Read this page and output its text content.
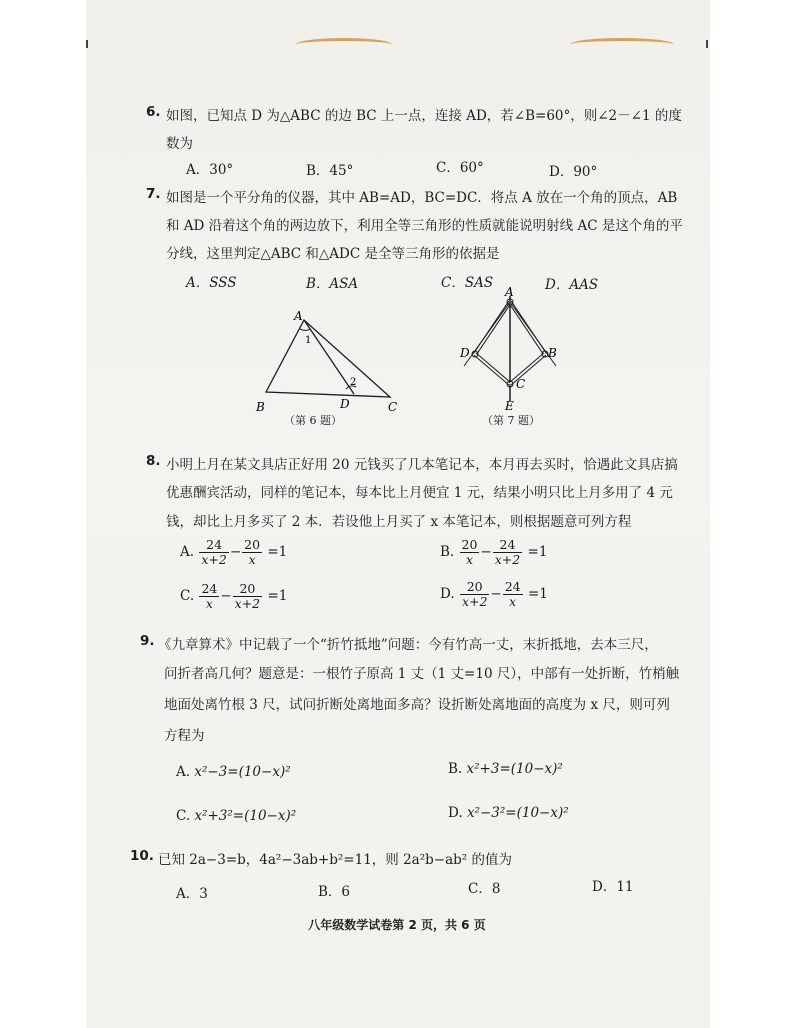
6. 如图，已知点 D 为△ABC 的边 BC 上一点，连接 AD，若∠B=60°，则∠2－∠1 的度
数为
A．30°	B．45°	C．60°	D．90°
7. 如图是一个平分角的仪器，其中 AB=AD，BC=DC．将点 A 放在一个角的顶点，AB
和 AD 沿着这个角的两边放下，利用全等三角形的性质就能说明射线 AC 是这个角的平
分线，这里判定△ABC 和△ADC 是全等三角形的依据是
A．SSS	B．ASA	C．SAS	D．AAS
A
1
2
B	D	C
（第 6 题）
A
D	B
C
E
（第 7 题）
8. 小明上月在某文具店正好用 20 元钱买了几本笔记本，本月再去买时，恰遇此文具店搞
优惠酬宾活动，同样的笔记本，每本比上月便宜 1 元，结果小明只比上月多用了 4 元
钱，却比上月多买了 2 本．若设他上月买了 x 本笔记本，则根据题意可列方程
A. $\frac{24}{x+2} - \frac{20}{x} =1$	B. $\frac{20}{x} - \frac{24}{x+2} =1$
C. $\frac{24}{x} - \frac{20}{x+2} =1$	D. $\frac{20}{x+2} - \frac{24}{x} =1$
9. 《九章算术》中记载了一个“折竹抵地”问题：今有竹高一丈，末折抵地，去本三尺，
问折者高几何？题意是：一根竹子原高 1 丈（1 丈=10 尺），中部有一处折断，竹梢触
地面处离竹根 3 尺，试问折断处离地面多高？设折断处离地面的高度为 x 尺，则可列
方程为
A. x²−3=(10−x)²	B. x²+3=(10−x)²
C. x²+3²=(10−x)²	D. x²−3²=(10−x)²
10. 已知 2a−3=b，4a²−3ab+b²=11，则 2a²b−ab² 的值为
A．3	B．6	C．8	D．11
八年级数学试卷第 2 页，共 6 页
